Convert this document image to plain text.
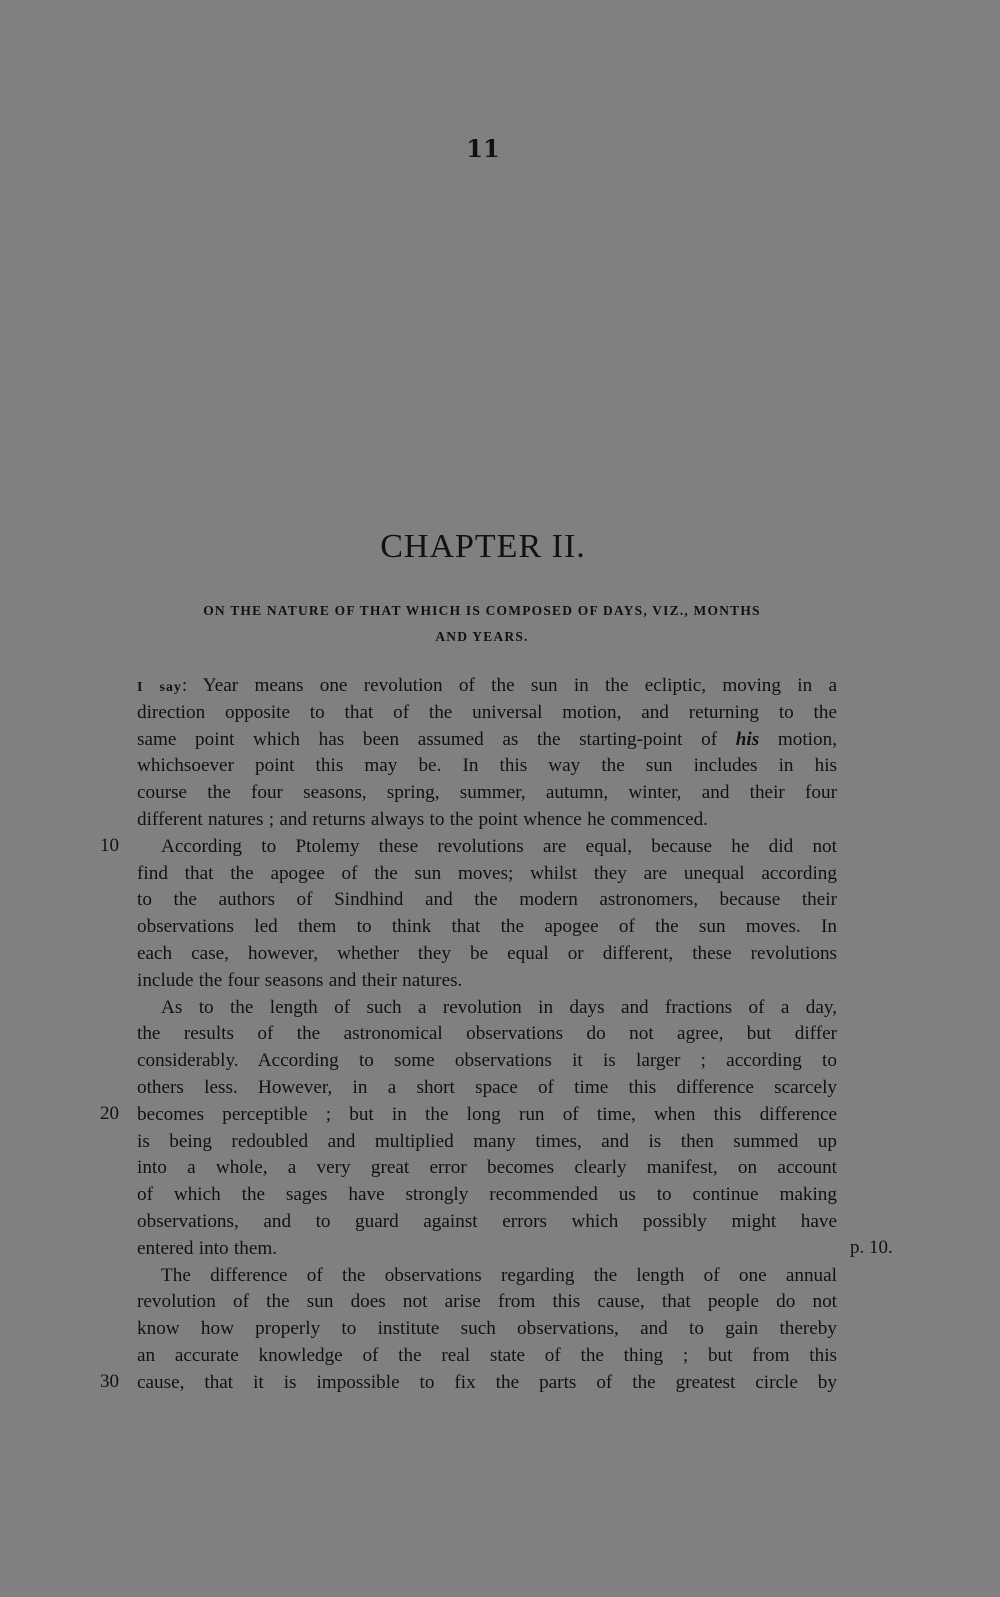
11
CHAPTER II.
ON THE NATURE OF THAT WHICH IS COMPOSED OF DAYS, VIZ., MONTHS
AND YEARS.
I say: Year means one revolution of the sun in the ecliptic, moving in a
direction opposite to that of the universal motion, and returning to the
same point which has been assumed as the starting-point of his motion,
whichsoever point this may be. In this way the sun includes in his
course the four seasons, spring, summer, autumn, winter, and their four
different natures ; and returns always to the point whence he commenced.
According to Ptolemy these revolutions are equal, because he did not
find that the apogee of the sun moves; whilst they are unequal according
to the authors of Sindhind and the modern astronomers, because their
observations led them to think that the apogee of the sun moves. In
each case, however, whether they be equal or different, these revolutions
include the four seasons and their natures.
As to the length of such a revolution in days and fractions of a day,
the results of the astronomical observations do not agree, but differ
considerably. According to some observations it is larger ; according to
others less. However, in a short space of time this difference scarcely
becomes perceptible ; but in the long run of time, when this difference
is being redoubled and multiplied many times, and is then summed up
into a whole, a very great error becomes clearly manifest, on account
of which the sages have strongly recommended us to continue making
observations, and to guard against errors which possibly might have
entered into them.
The difference of the observations regarding the length of one annual
revolution of the sun does not arise from this cause, that people do not
know how properly to institute such observations, and to gain thereby
an accurate knowledge of the real state of the thing ; but from this
cause, that it is impossible to fix the parts of the greatest circle by
10
20
30
p. 10.
